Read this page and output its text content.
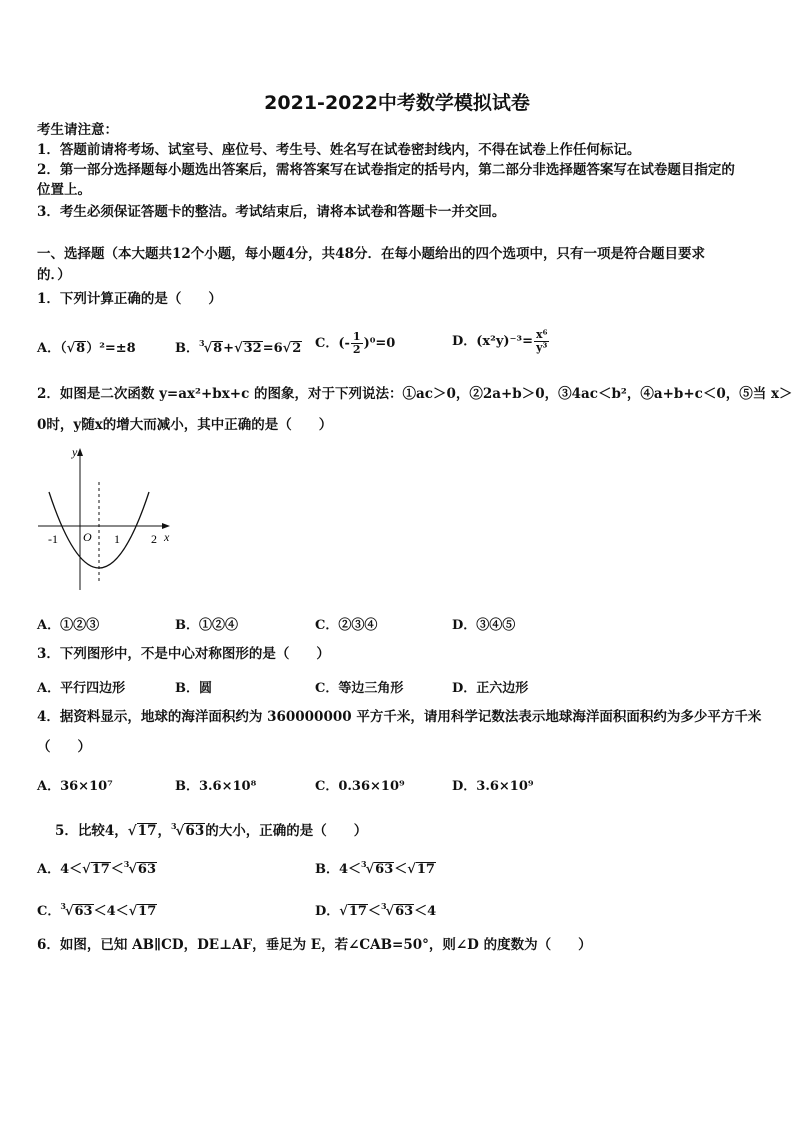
2021-2022中考数学模拟试卷
考生请注意：
1．答题前请将考场、试室号、座位号、考生号、姓名写在试卷密封线内，不得在试卷上作任何标记。
2．第一部分选择题每小题选出答案后，需将答案写在试卷指定的括号内，第二部分非选择题答案写在试卷题目指定的
位置上。
3．考生必须保证答题卡的整洁。考试结束后，请将本试卷和答题卡一并交回。
一、选择题（本大题共12个小题，每小题4分，共48分．在每小题给出的四个选项中，只有一项是符合题目要求
的．）
1．下列计算正确的是（　　）
A．（√8）²=±8	B．$^3$√8+√32=6√2 C．(- $\frac{1}{2} )^0=0$	D．$(x^2y)^{-3}= \frac{\text{x⁶}}{\text{y³}}$
2．如图是二次函数 y=ax²+bx+c 的图象，对于下列说法：①ac＞0，②2a+b＞0，③4ac＜b²，④a+b+c＜0，⑤当 x＞
0时，y随x的增大而减小，其中正确的是（　　）
y
x
O
-1	1	2
A．①②③	B．①②④	C．②③④	D．③④⑤
3．下列图形中，不是中心对称图形的是（　　）
A．平行四边形	B．圆	C．等边三角形	D．正六边形
4．据资料显示，地球的海洋面积约为 360000000 平方千米，请用科学记数法表示地球海洋面积面积约为多少平方千米
（　　）
A．36×10⁷	B．3.6×10⁸	C．0.36×10⁹	D．3.6×10⁹
5．比较4，√17，$^3$√63的大小，正确的是（　　）
A．4＜√17＜$^3$√63	B．4＜$^3$√63＜√17
C．$^3$√63＜4＜√17	D．√17＜$^3$√63＜4
6．如图，已知 AB∥CD，DE⊥AF，垂足为 E，若∠CAB=50°，则∠D 的度数为（　　）
